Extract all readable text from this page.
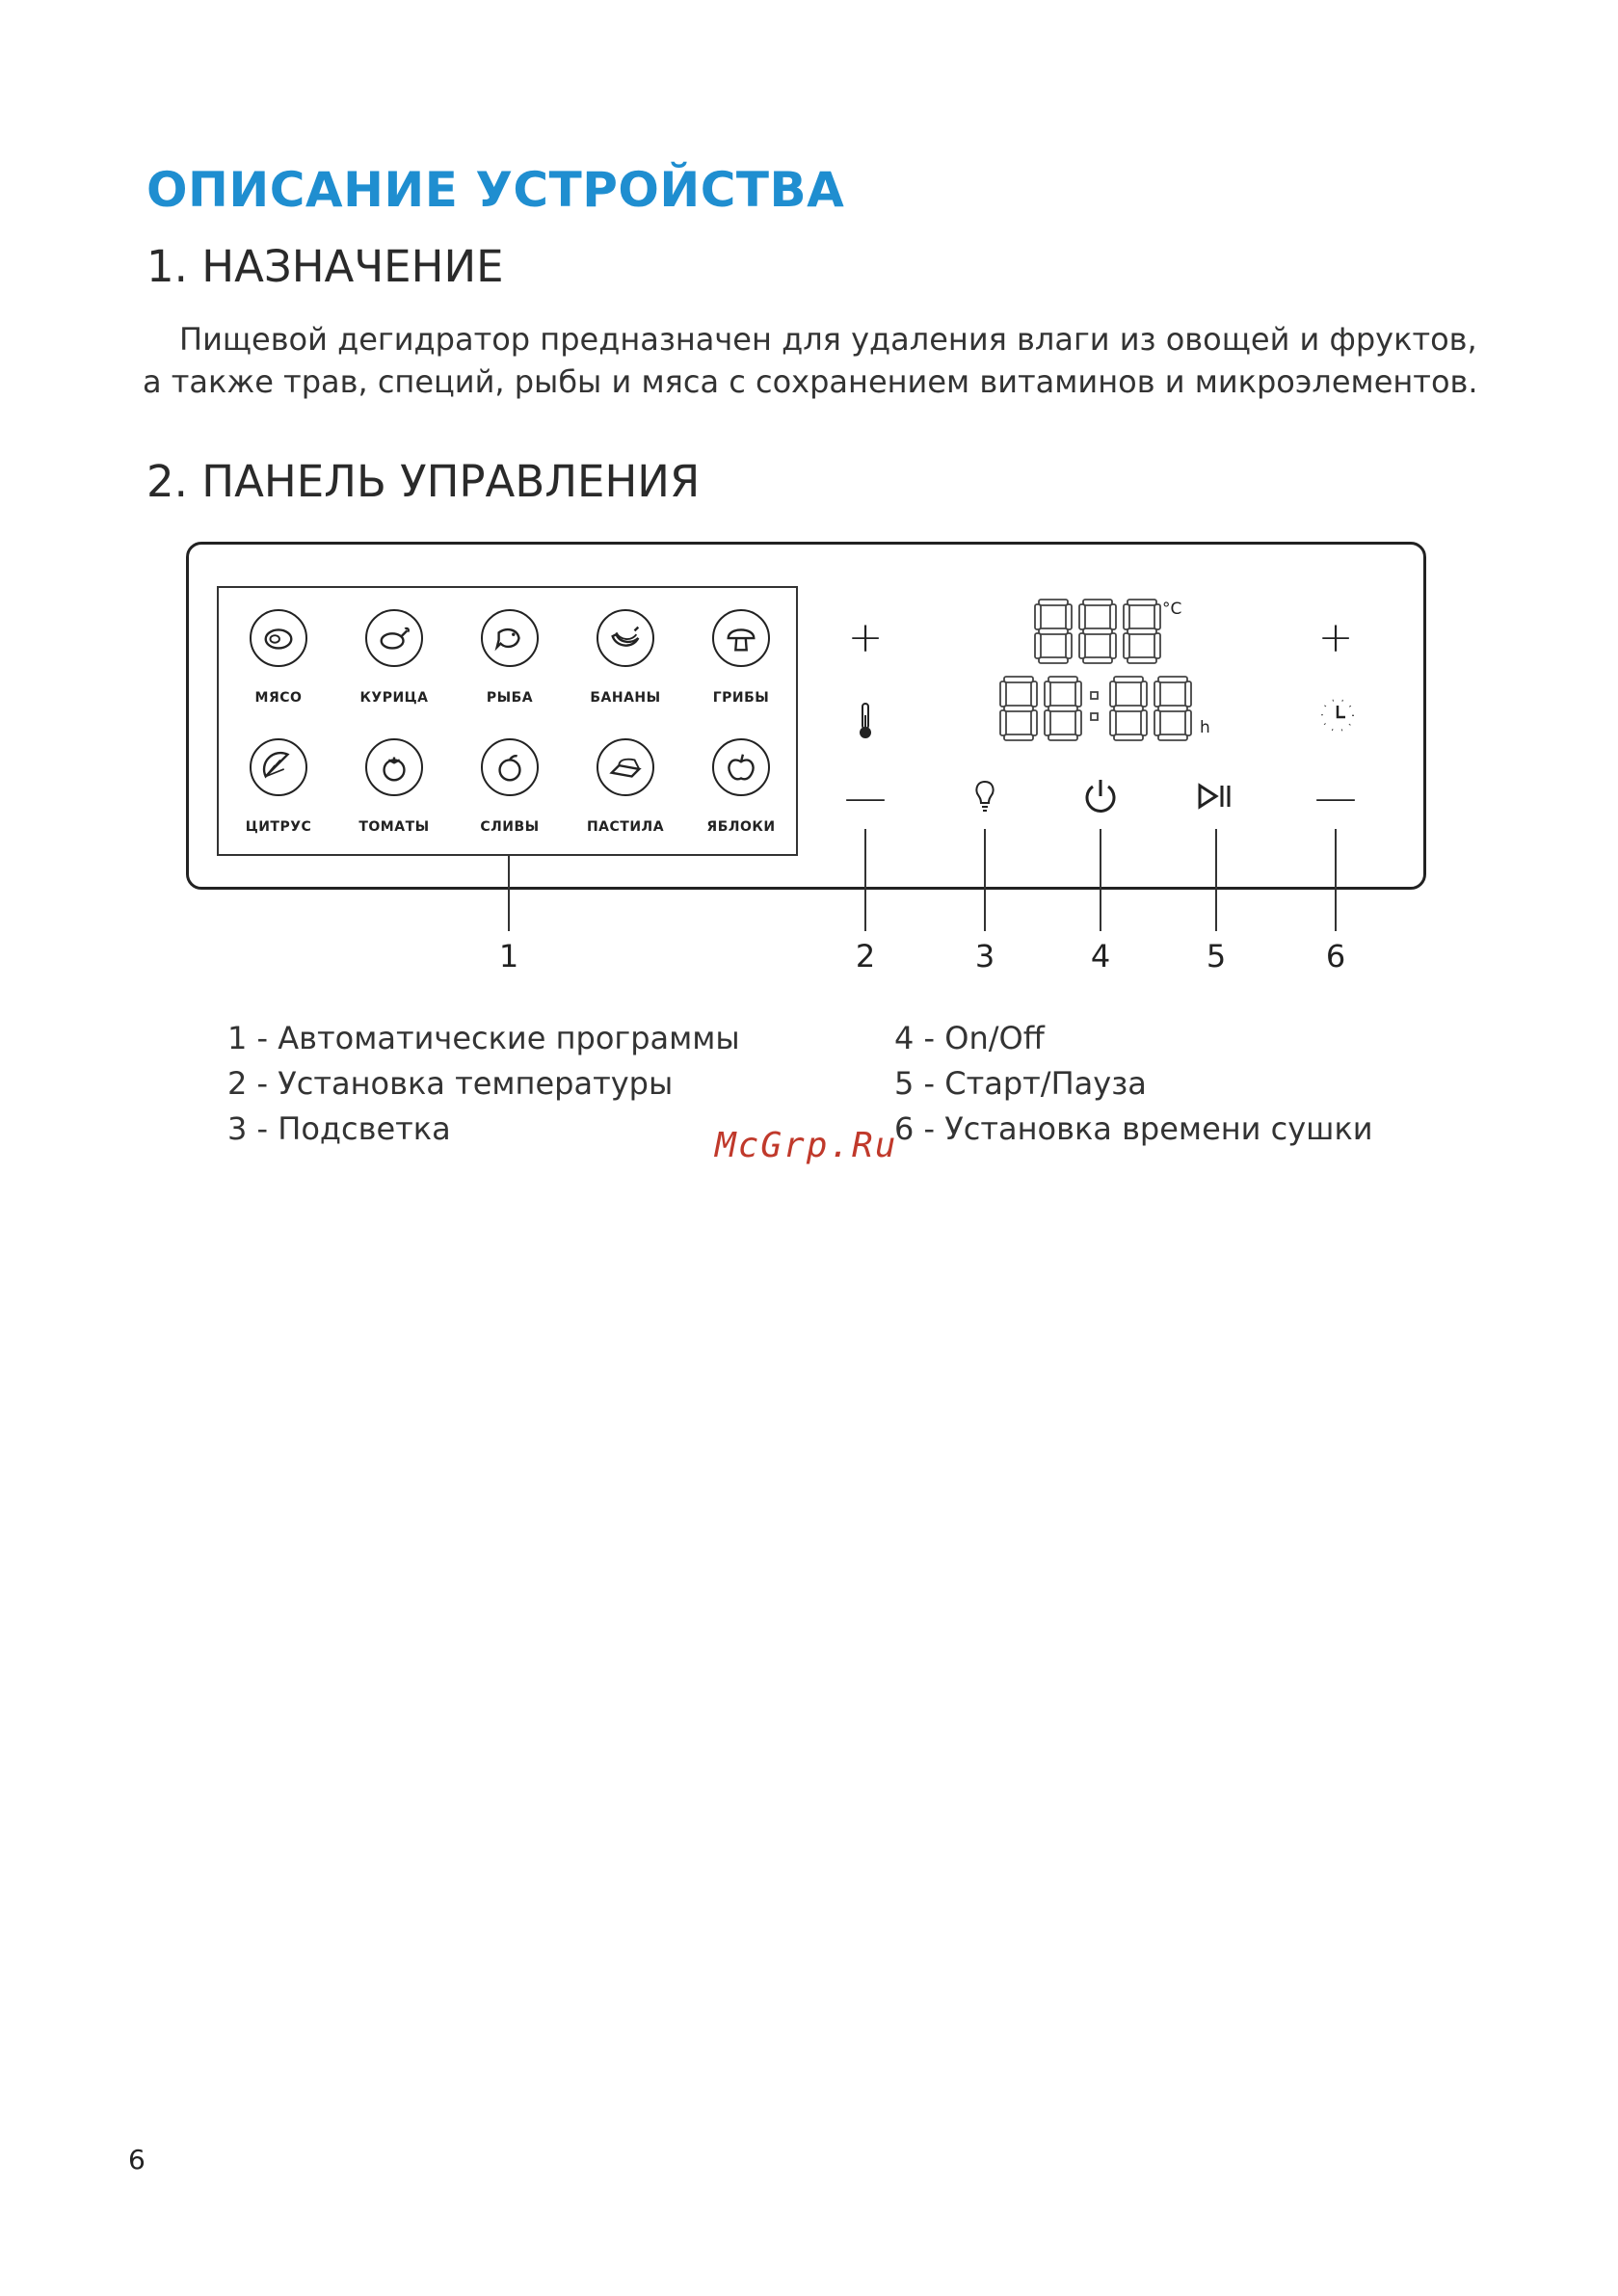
ОПИСАНИЕ УСТРОЙСТВА
1. НАЗНАЧЕНИЕ

Пищевой дегидратор предназначен для удаления влаги из овощей и фруктов,
а также трав, специй, рыбы и мяса с сохранением витаминов и микроэлементов.

2. ПАНЕЛЬ УПРАВЛЕНИЯ
МЯСО	КУРИЦА	РЫБА	БАНАНЫ	ГРИБЫ
ЦИТРУС	ТОМАТЫ	СЛИВЫ	ПАСТИЛА	ЯБЛОКИ
+
—
+
—
°C
h
1	2	3	4	5	6
1 - Автоматические программы
2 - Установка температуры
3 - Подсветка
4 - On/Off
5 - Старт/Пауза
6 - Установка времени сушки
McGrp.Ru
6
